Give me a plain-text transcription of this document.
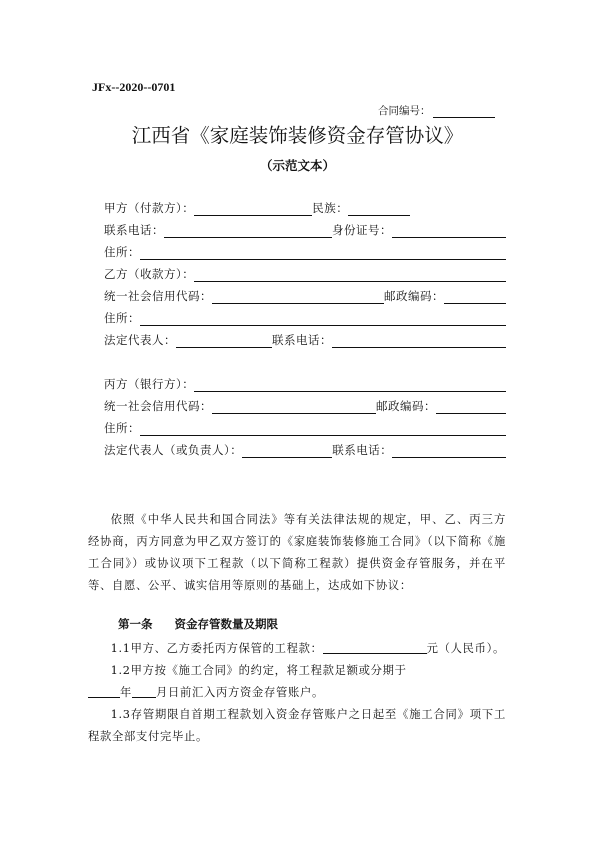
JFx--2020--0701
合同编号：
江西省《家庭装饰装修资金存管协议》
（示范文本）
甲方（付款方）：	民族：
联系电话：	身份证号：
住所：
乙方（收款方）：
统一社会信用代码：	邮政编码：
住所：
法定代表人：	联系电话：
丙方（银行方）：
统一社会信用代码：	邮政编码：
住所：
法定代表人（或负责人）：	联系电话：

依照《中华人民共和国合同法》等有关法律法规的规定，甲、乙、丙三方经协商，丙方同意为甲乙双方签订的《家庭装饰装修施工合同》（以下简称《施工合同》）或协议项下工程款（以下简称工程款）提供资金存管服务，并在平等、自愿、公平、诚实信用等原则的基础上，达成如下协议：

第一条 资金存管数量及期限

1.1甲方、乙方委托丙方保管的工程款：	元（人民币）。

1.2甲方按《施工合同》的约定，将工程款足额或分期于
年 月日前汇入丙方资金存管账户。

1.3存管期限自首期工程款划入资金存管账户之日起至《施工合同》项下工程款全部支付完毕止。
